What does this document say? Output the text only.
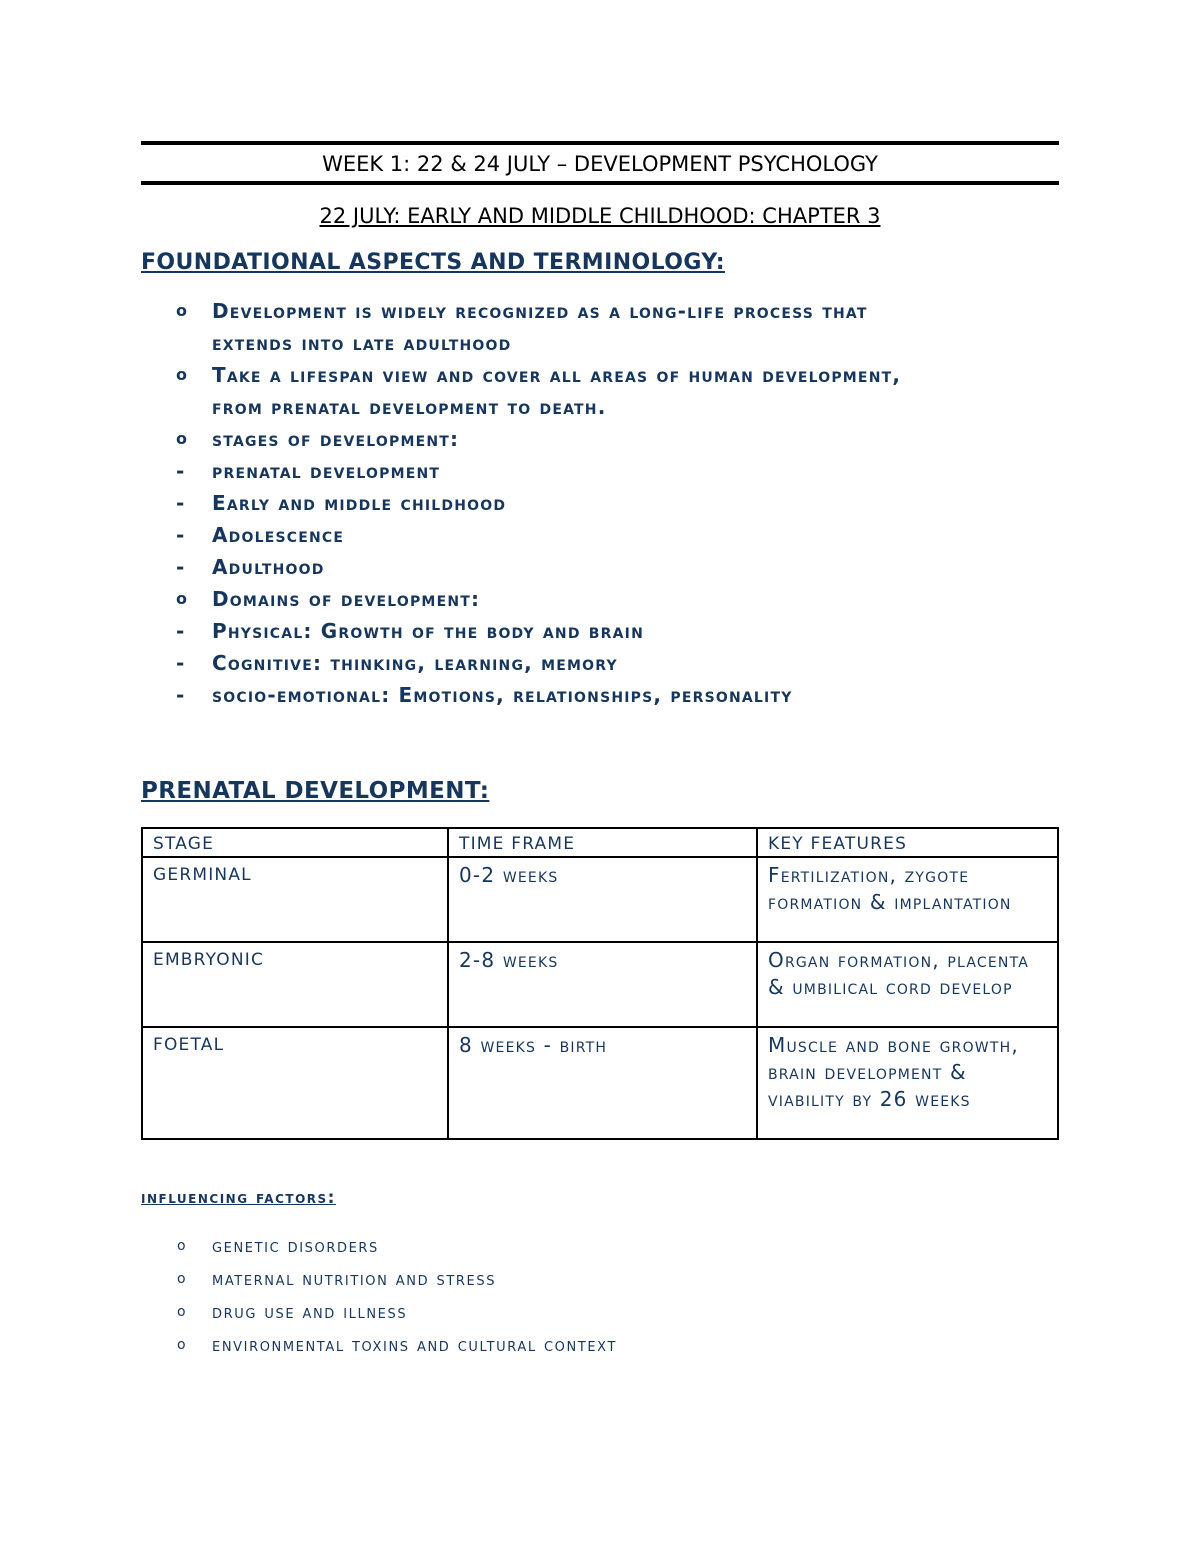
WEEK 1: 22 & 24 JULY – DEVELOPMENT PSYCHOLOGY
22 JULY: EARLY AND MIDDLE CHILDHOOD: CHAPTER 3
FOUNDATIONAL ASPECTS AND TERMINOLOGY:
o	Development is widely recognized as a long-life process that
extends into late adulthood
o	Take a lifespan view and cover all areas of human development,
from prenatal development to death.
o	stages of development:
-	prenatal development
-	Early and middle childhood
-	Adolescence
-	Adulthood
o	Domains of development:
-	Physical: Growth of the body and brain
-	Cognitive: thinking, learning, memory
-	socio-emotional: Emotions, relationships, personality
PRENATAL DEVELOPMENT:
STAGE	TIME FRAME	KEY FEATURES
GERMINAL	0-2 weeks	Fertilization, zygote formation & implantation
EMBRYONIC	2-8 weeks	Organ formation, placenta & umbilical cord develop
FOETAL	8 weeks - birth	Muscle and bone growth, brain development & viability by 26 weeks
influencing factors:
o genetic disorders
o maternal nutrition and stress
o drug use and illness
o environmental toxins and cultural context
